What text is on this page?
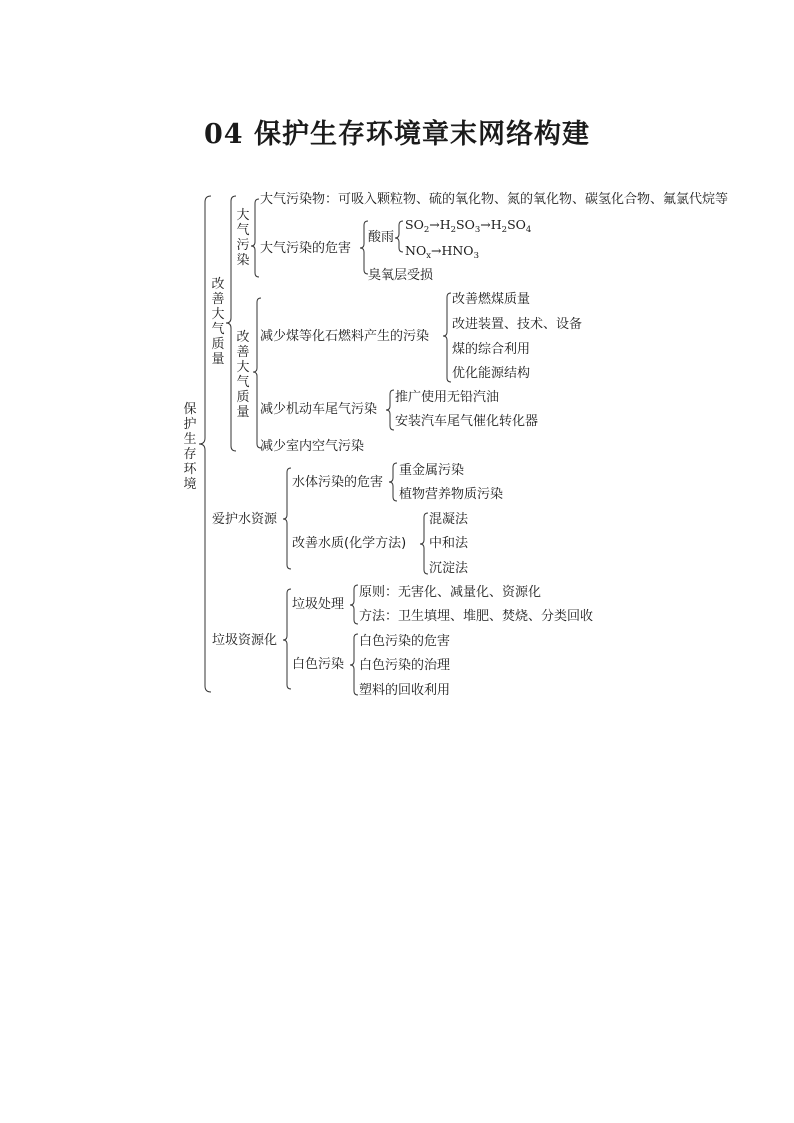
04 保护生存环境章末网络构建
保护生存环境
改善大气质量
大气污染
改善大气质量
大气污染物：可吸入颗粒物、硫的氧化物、氮的氧化物、碳氢化合物、氟氯代烷等
大气污染的危害
酸雨
$SO_2\to H_2SO_3\to H_2SO_4$
$NO_x\to HNO_3$
臭氧层受损
减少煤等化石燃料产生的污染
改善燃煤质量
改进装置、技术、设备
煤的综合利用
优化能源结构
减少机动车尾气污染
推广使用无铅汽油
安装汽车尾气催化转化器
减少室内空气污染
爱护水资源
水体污染的危害
重金属污染
植物营养物质污染
改善水质(化学方法)
混凝法
中和法
沉淀法
垃圾资源化
垃圾处理
原则：无害化、减量化、资源化
方法：卫生填埋、堆肥、焚烧、分类回收
白色污染
白色污染的危害
白色污染的治理
塑料的回收利用
